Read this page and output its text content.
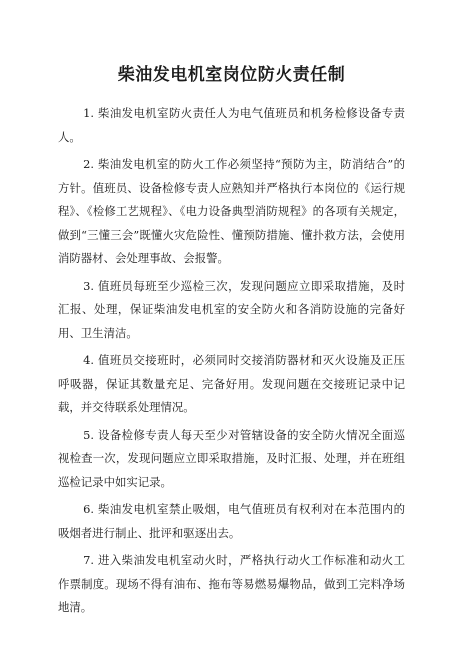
柴油发电机室岗位防火责任制

1. 柴油发电机室防火责任人为电气值班员和机务检修设备专责人。

2. 柴油发电机室的防火工作必须坚持“预防为主，防消结合”的方针。值班员、设备检修专责人应熟知并严格执行本岗位的《运行规程》、《检修工艺规程》、《电力设备典型消防规程》的各项有关规定，做到“三懂三会”既懂火灾危险性、懂预防措施、懂扑救方法，会使用消防器材、会处理事故、会报警。

3. 值班员每班至少巡检三次，发现问题应立即采取措施，及时汇报、处理，保证柴油发电机室的安全防火和各消防设施的完备好用、卫生清洁。

4. 值班员交接班时，必须同时交接消防器材和灭火设施及正压呼吸器，保证其数量充足、完备好用。发现问题在交接班记录中记载，并交待联系处理情况。

5. 设备检修专责人每天至少对管辖设备的安全防火情况全面巡视检查一次，发现问题应立即采取措施，及时汇报、处理，并在班组巡检记录中如实记录。

6. 柴油发电机室禁止吸烟，电气值班员有权利对在本范围内的吸烟者进行制止、批评和驱逐出去。

7. 进入柴油发电机室动火时，严格执行动火工作标准和动火工作票制度。现场不得有油布、拖布等易燃易爆物品，做到工完料净场地清。
